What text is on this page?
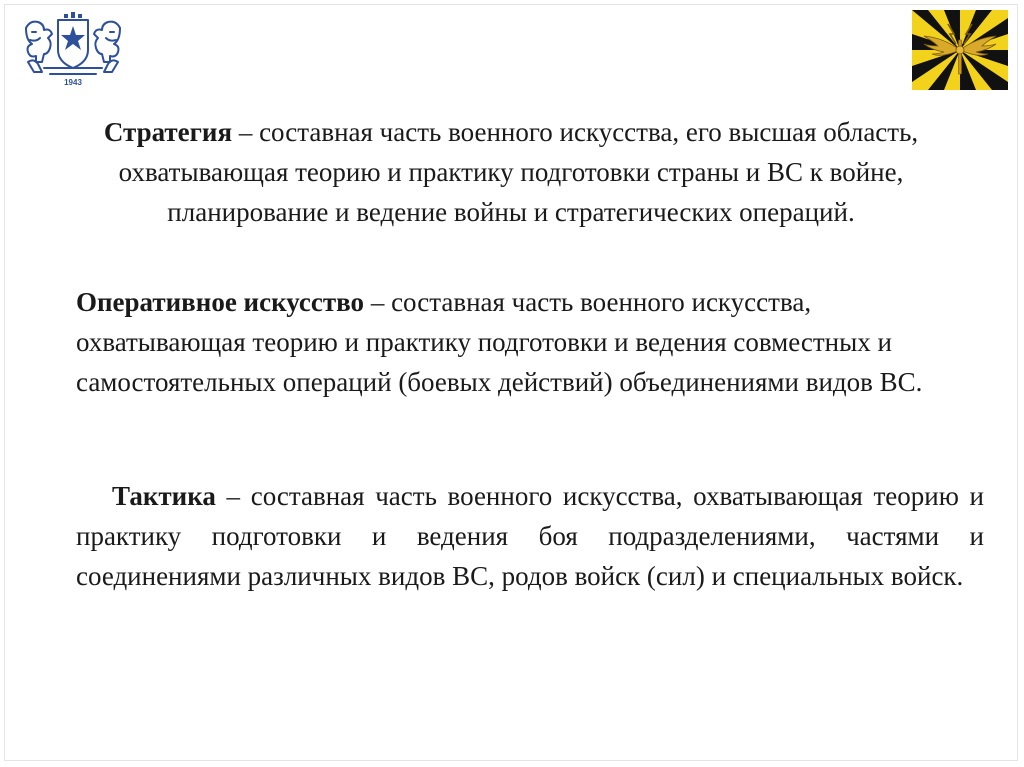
1943

Стратегия – составная часть военного искусства, его высшая область, охватывающая теорию и практику подготовки страны и ВС к войне, планирование и ведение войны и стратегических операций.

Оперативное искусство – составная часть военного искусства, охватывающая теорию и практику подготовки и ведения совместных и самостоятельных операций (боевых действий) объединениями видов ВС.

Тактика – составная часть военного искусства, охватывающая теорию и практику подготовки и ведения боя подразделениями, частями и соединениями различных видов ВС, родов войск (сил) и специальных войск.
